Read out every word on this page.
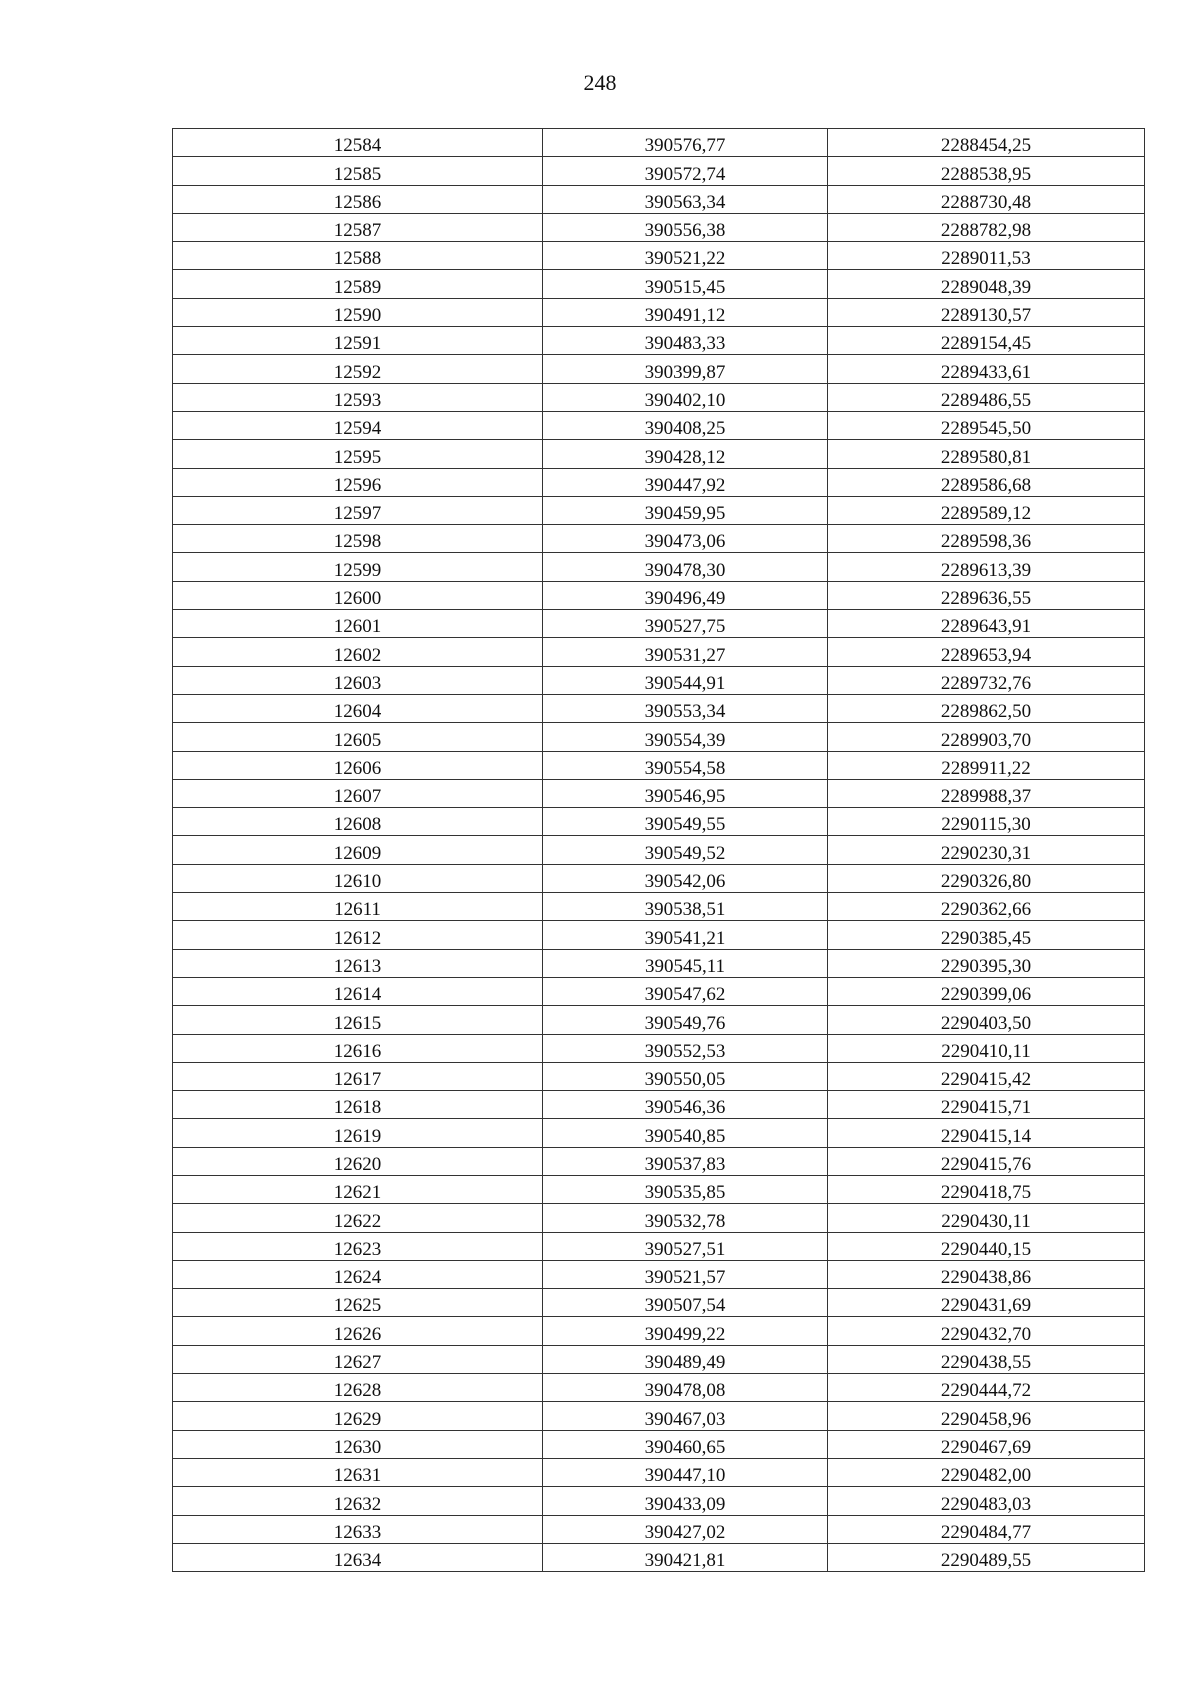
248
12584	390576,77	2288454,25
12585	390572,74	2288538,95
12586	390563,34	2288730,48
12587	390556,38	2288782,98
12588	390521,22	2289011,53
12589	390515,45	2289048,39
12590	390491,12	2289130,57
12591	390483,33	2289154,45
12592	390399,87	2289433,61
12593	390402,10	2289486,55
12594	390408,25	2289545,50
12595	390428,12	2289580,81
12596	390447,92	2289586,68
12597	390459,95	2289589,12
12598	390473,06	2289598,36
12599	390478,30	2289613,39
12600	390496,49	2289636,55
12601	390527,75	2289643,91
12602	390531,27	2289653,94
12603	390544,91	2289732,76
12604	390553,34	2289862,50
12605	390554,39	2289903,70
12606	390554,58	2289911,22
12607	390546,95	2289988,37
12608	390549,55	2290115,30
12609	390549,52	2290230,31
12610	390542,06	2290326,80
12611	390538,51	2290362,66
12612	390541,21	2290385,45
12613	390545,11	2290395,30
12614	390547,62	2290399,06
12615	390549,76	2290403,50
12616	390552,53	2290410,11
12617	390550,05	2290415,42
12618	390546,36	2290415,71
12619	390540,85	2290415,14
12620	390537,83	2290415,76
12621	390535,85	2290418,75
12622	390532,78	2290430,11
12623	390527,51	2290440,15
12624	390521,57	2290438,86
12625	390507,54	2290431,69
12626	390499,22	2290432,70
12627	390489,49	2290438,55
12628	390478,08	2290444,72
12629	390467,03	2290458,96
12630	390460,65	2290467,69
12631	390447,10	2290482,00
12632	390433,09	2290483,03
12633	390427,02	2290484,77
12634	390421,81	2290489,55
